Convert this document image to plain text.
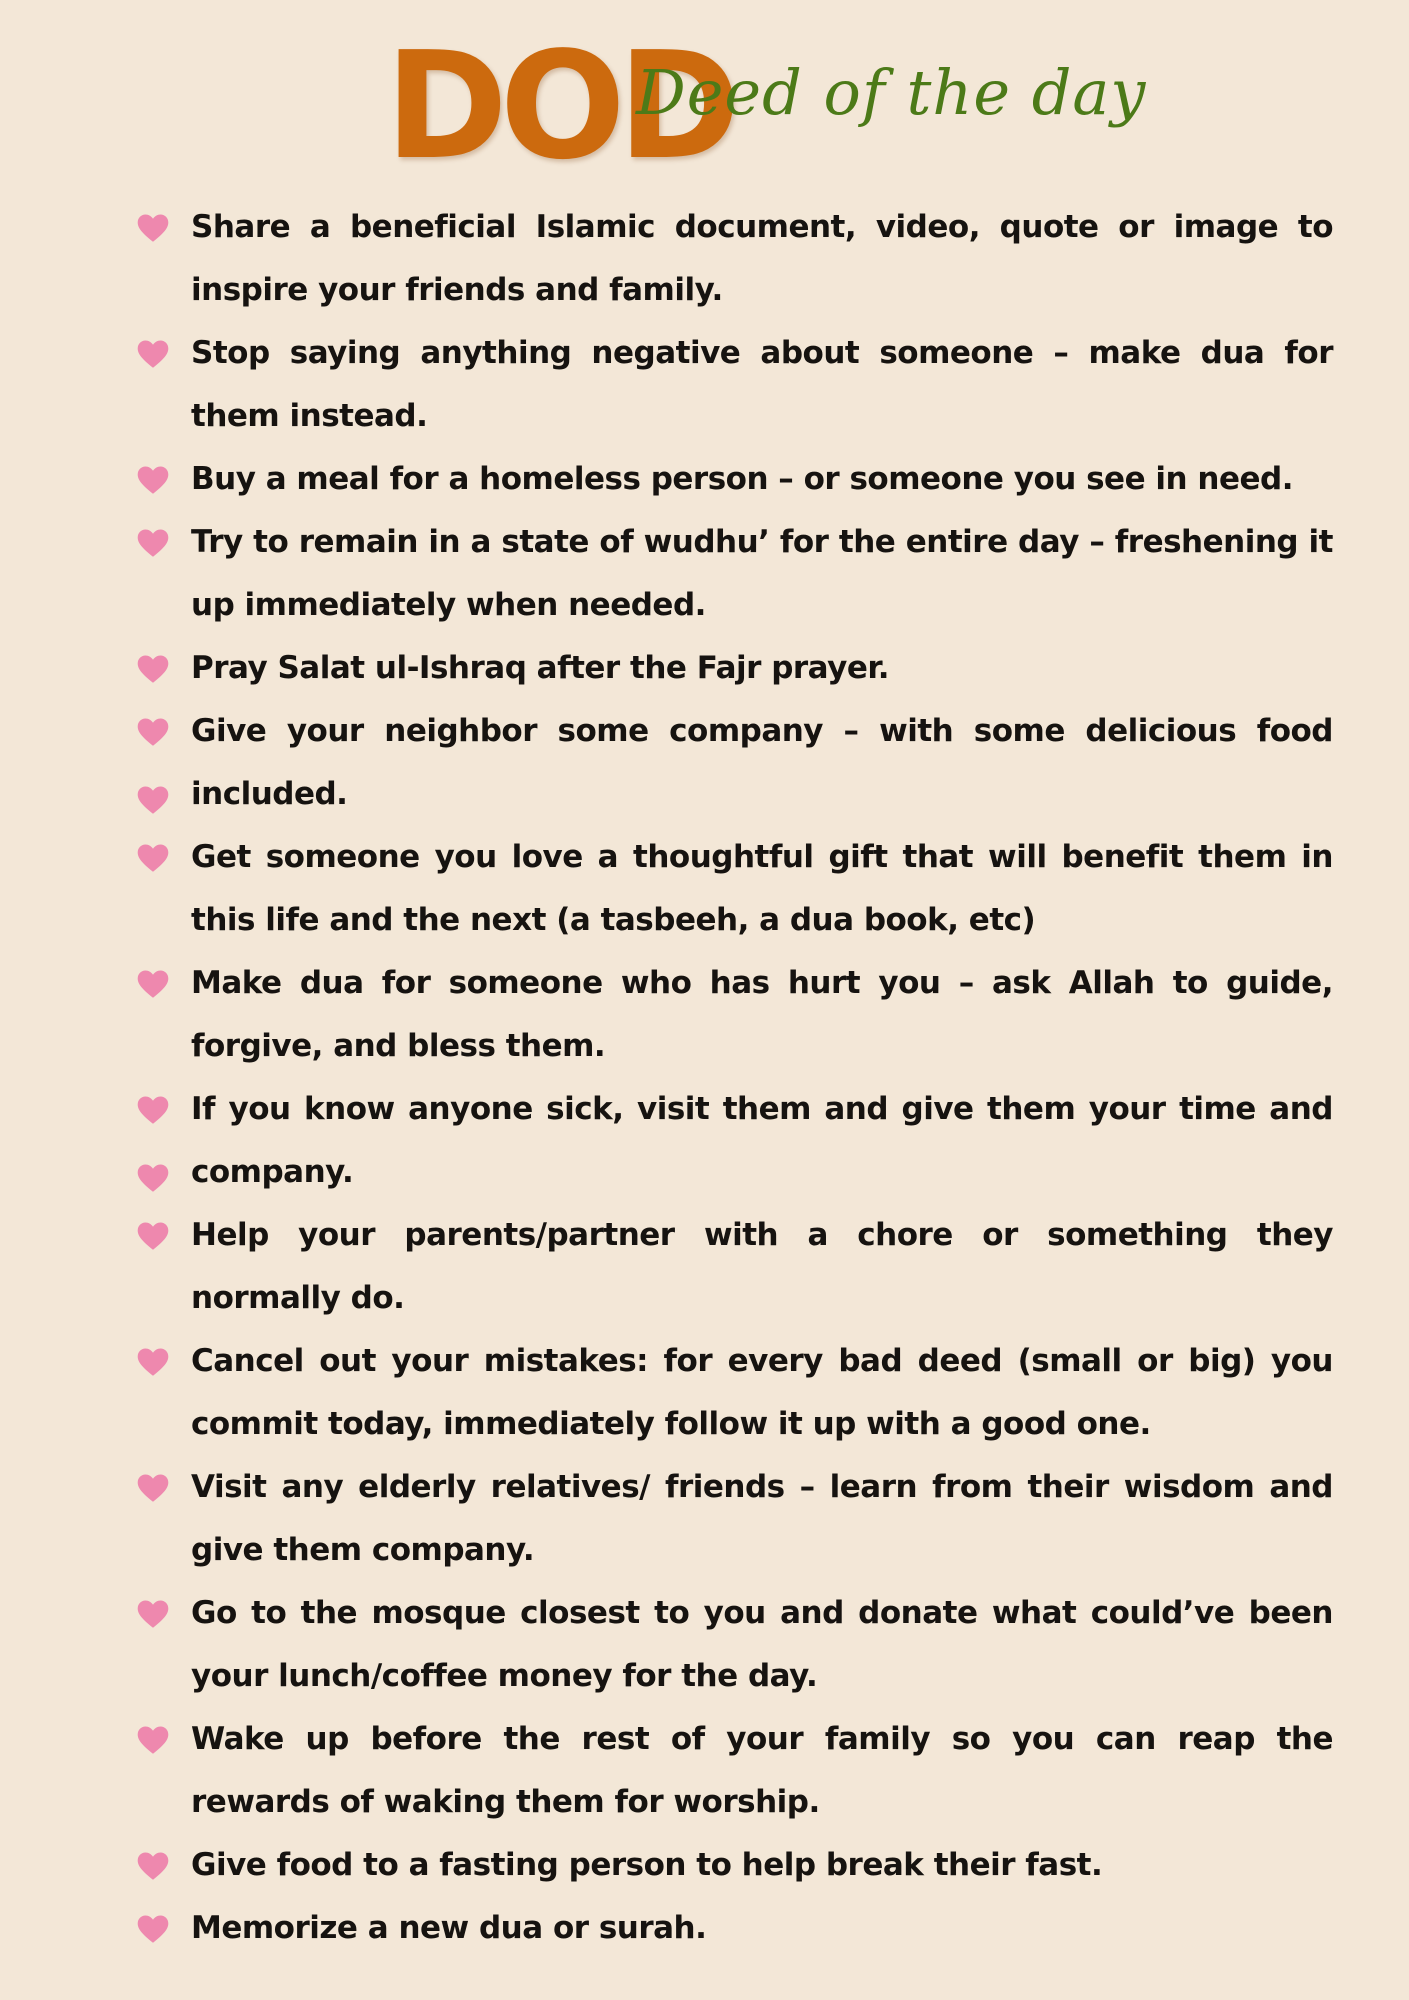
DOD
Deed of the day
Share a beneficial Islamic document, video, quote or image to inspire your friends and family.
Stop saying anything negative about someone – make dua for them instead.
Buy a meal for a homeless person – or someone you see in need.
Try to remain in a state of wudhu’ for the entire day – freshening it up immediately when needed.
Pray Salat ul-Ishraq after the Fajr prayer.
Give your neighbor some company – with some delicious food included.
Get someone you love a thoughtful gift that will benefit them in this life and the next (a tasbeeh, a dua book, etc)
Make dua for someone who has hurt you – ask Allah to guide, forgive, and bless them.
If you know anyone sick, visit them and give them your time and company.
Help your parents/partner with a chore or something they normally do.
Cancel out your mistakes: for every bad deed (small or big) you commit today, immediately follow it up with a good one.
Visit any elderly relatives/ friends – learn from their wisdom and give them company.
Go to the mosque closest to you and donate what could’ve been your lunch/coffee money for the day.
Wake up before the rest of your family so you can reap the rewards of waking them for worship.
Give food to a fasting person to help break their fast.
Memorize a new dua or surah.
